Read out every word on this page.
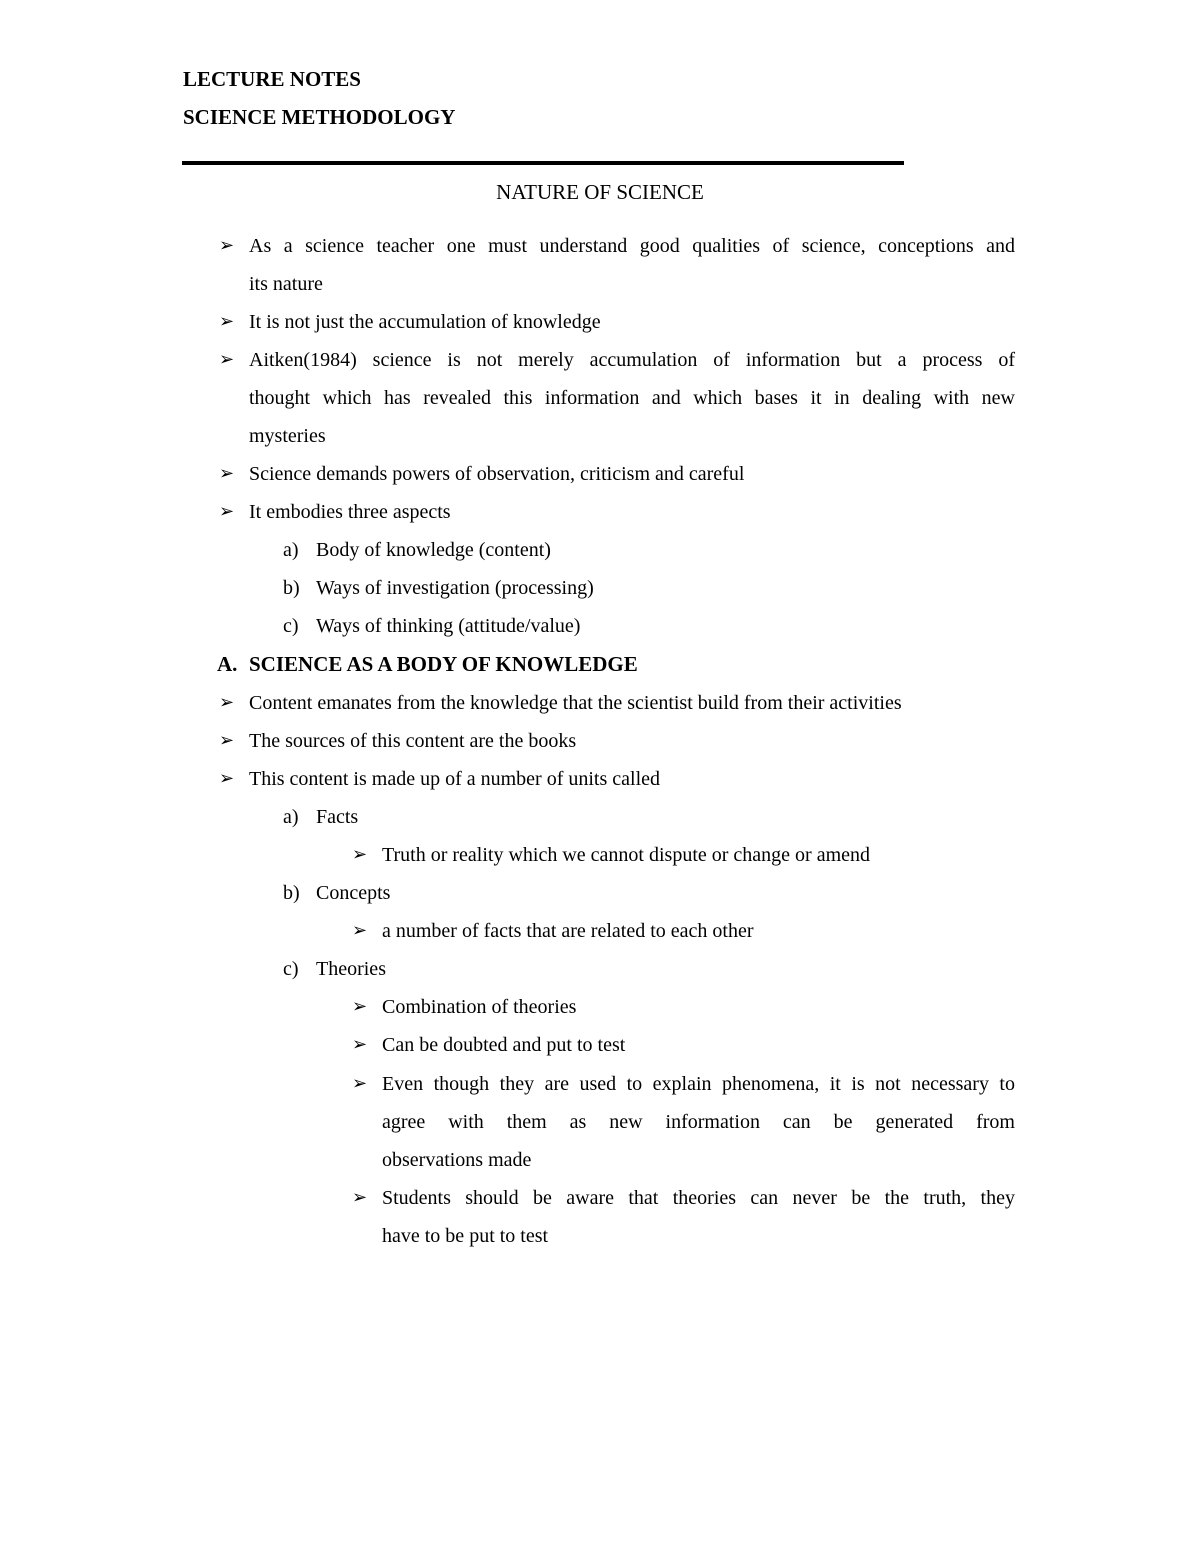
LECTURE NOTES
SCIENCE METHODOLOGY
NATURE OF SCIENCE
➢ As a science teacher one must understand good qualities of science, conceptions and
its nature
➢ It is not just the accumulation of knowledge
➢ Aitken(1984) science is not merely accumulation of information but a process of
thought which has revealed this information and which bases it in dealing with new
mysteries
➢ Science demands powers of observation, criticism and careful
➢ It embodies three aspects
a) Body of knowledge (content)
b) Ways of investigation (processing)
c) Ways of thinking (attitude/value)
A. SCIENCE AS A BODY OF KNOWLEDGE
➢ Content emanates from the knowledge that the scientist build from their activities
➢ The sources of this content are the books
➢ This content is made up of a number of units called
a) Facts
➢ Truth or reality which we cannot dispute or change or amend
b) Concepts
➢ a number of facts that are related to each other
c) Theories
➢ Combination of theories
➢ Can be doubted and put to test
➢ Even though they are used to explain phenomena, it is not necessary to
agree with them as new information can be generated from
observations made
➢ Students should be aware that theories can never be the truth, they
have to be put to test
